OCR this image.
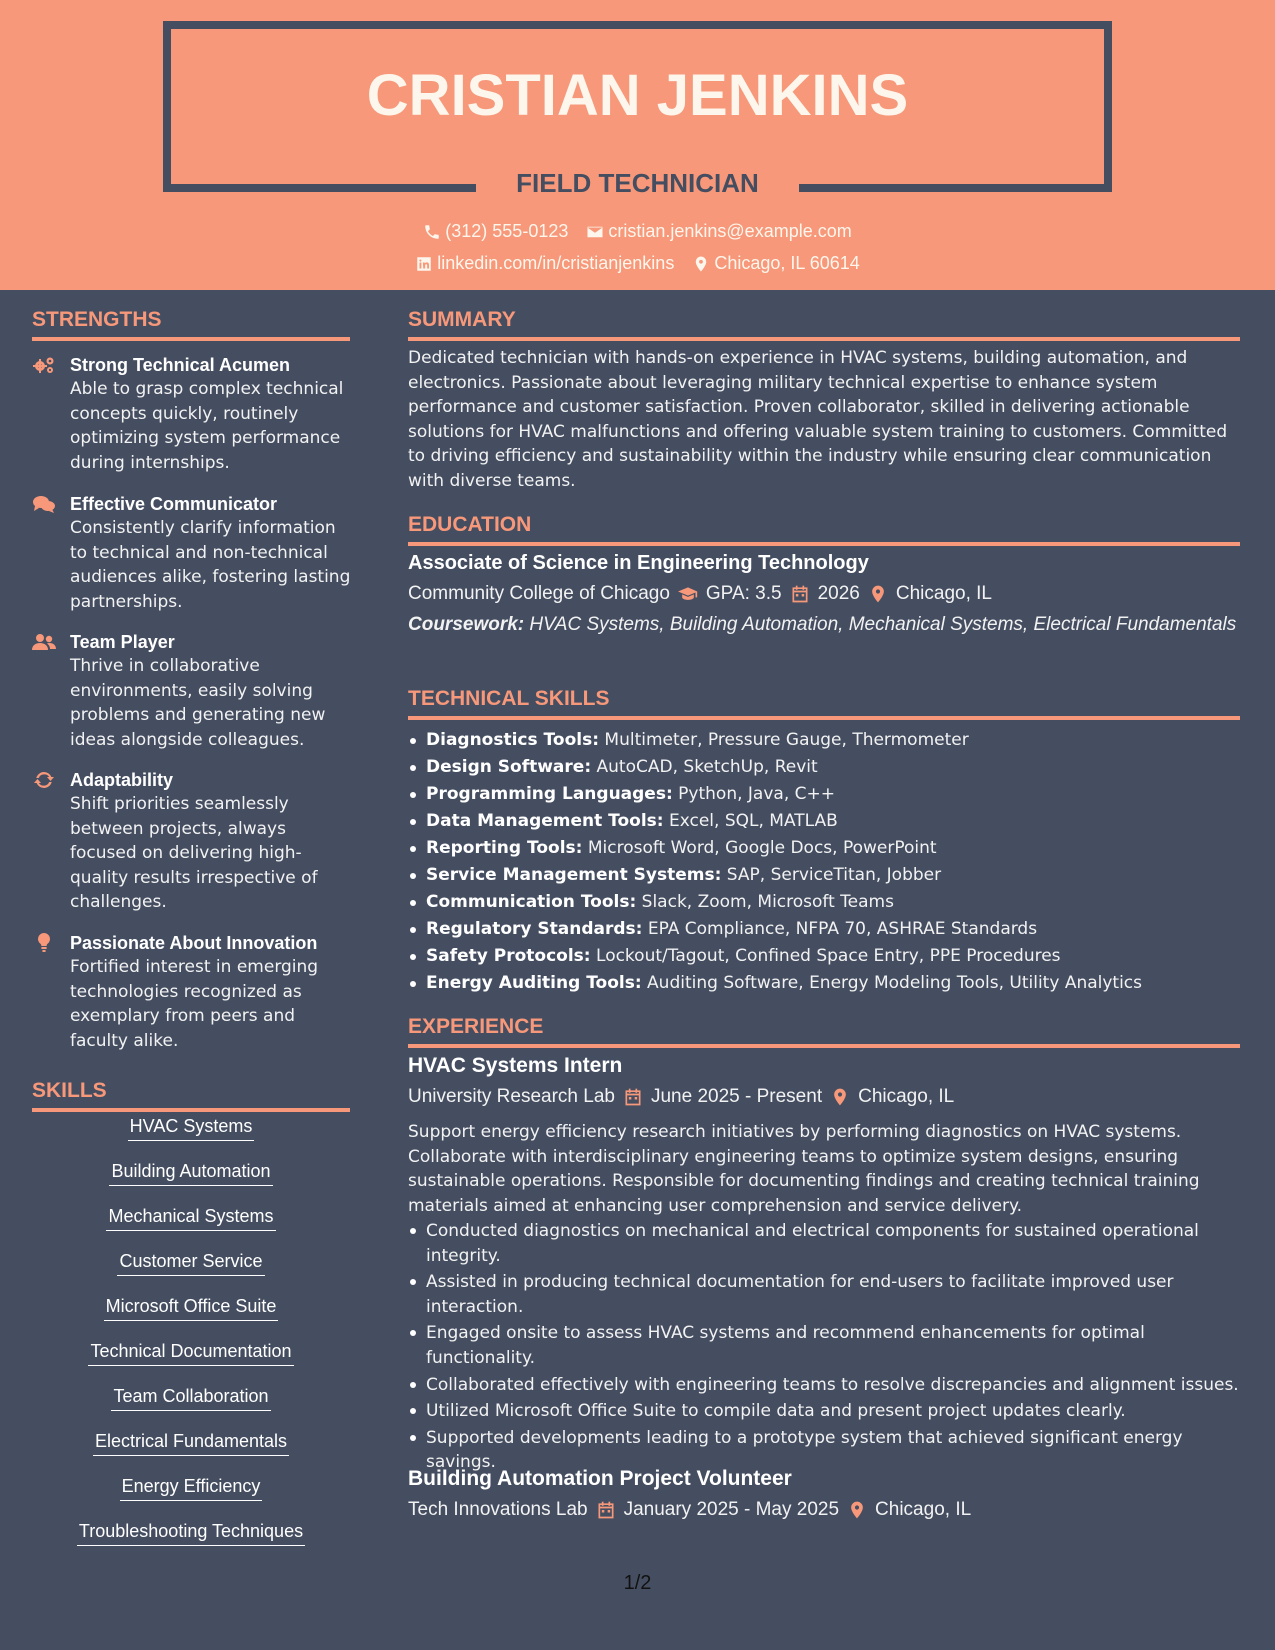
CRISTIAN JENKINS
FIELD TECHNICIAN
(312) 555-0123 cristian.jenkins@example.com
linkedin.com/in/cristianjenkins Chicago, IL 60614
STRENGTHS
Strong Technical Acumen
Able to grasp complex technical concepts quickly, routinely optimizing system performance during internships.
Effective Communicator
Consistently clarify information to technical and non-technical audiences alike, fostering lasting partnerships.
Team Player
Thrive in collaborative environments, easily solving problems and generating new ideas alongside colleagues.
Adaptability
Shift priorities seamlessly between projects, always focused on delivering high-quality results irrespective of challenges.
Passionate About Innovation
Fortified interest in emerging technologies recognized as exemplary from peers and faculty alike.
SKILLS
HVAC Systems
Building Automation
Mechanical Systems
Customer Service
Microsoft Office Suite
Technical Documentation
Team Collaboration
Electrical Fundamentals
Energy Efficiency
Troubleshooting Techniques
SUMMARY
Dedicated technician with hands-on experience in HVAC systems, building automation, and electronics. Passionate about leveraging military technical expertise to enhance system performance and customer satisfaction. Proven collaborator, skilled in delivering actionable solutions for HVAC malfunctions and offering valuable system training to customers. Committed to driving efficiency and sustainability within the industry while ensuring clear communication with diverse teams.
EDUCATION
Associate of Science in Engineering Technology
Community College of Chicago GPA: 3.5 2026 Chicago, IL
Coursework: HVAC Systems, Building Automation, Mechanical Systems, Electrical Fundamentals
TECHNICAL SKILLS
Diagnostics Tools: Multimeter, Pressure Gauge, Thermometer
Design Software: AutoCAD, SketchUp, Revit
Programming Languages: Python, Java, C++
Data Management Tools: Excel, SQL, MATLAB
Reporting Tools: Microsoft Word, Google Docs, PowerPoint
Service Management Systems: SAP, ServiceTitan, Jobber
Communication Tools: Slack, Zoom, Microsoft Teams
Regulatory Standards: EPA Compliance, NFPA 70, ASHRAE Standards
Safety Protocols: Lockout/Tagout, Confined Space Entry, PPE Procedures
Energy Auditing Tools: Auditing Software, Energy Modeling Tools, Utility Analytics
EXPERIENCE
HVAC Systems Intern
University Research Lab June 2025 - Present Chicago, IL
Support energy efficiency research initiatives by performing diagnostics on HVAC systems. Collaborate with interdisciplinary engineering teams to optimize system designs, ensuring sustainable operations. Responsible for documenting findings and creating technical training materials aimed at enhancing user comprehension and service delivery.
Conducted diagnostics on mechanical and electrical components for sustained operational integrity.
Assisted in producing technical documentation for end-users to facilitate improved user interaction.
Engaged onsite to assess HVAC systems and recommend enhancements for optimal functionality.
Collaborated effectively with engineering teams to resolve discrepancies and alignment issues.
Utilized Microsoft Office Suite to compile data and present project updates clearly.
Supported developments leading to a prototype system that achieved significant energy savings.
Building Automation Project Volunteer
Tech Innovations Lab January 2025 - May 2025 Chicago, IL
1/2
